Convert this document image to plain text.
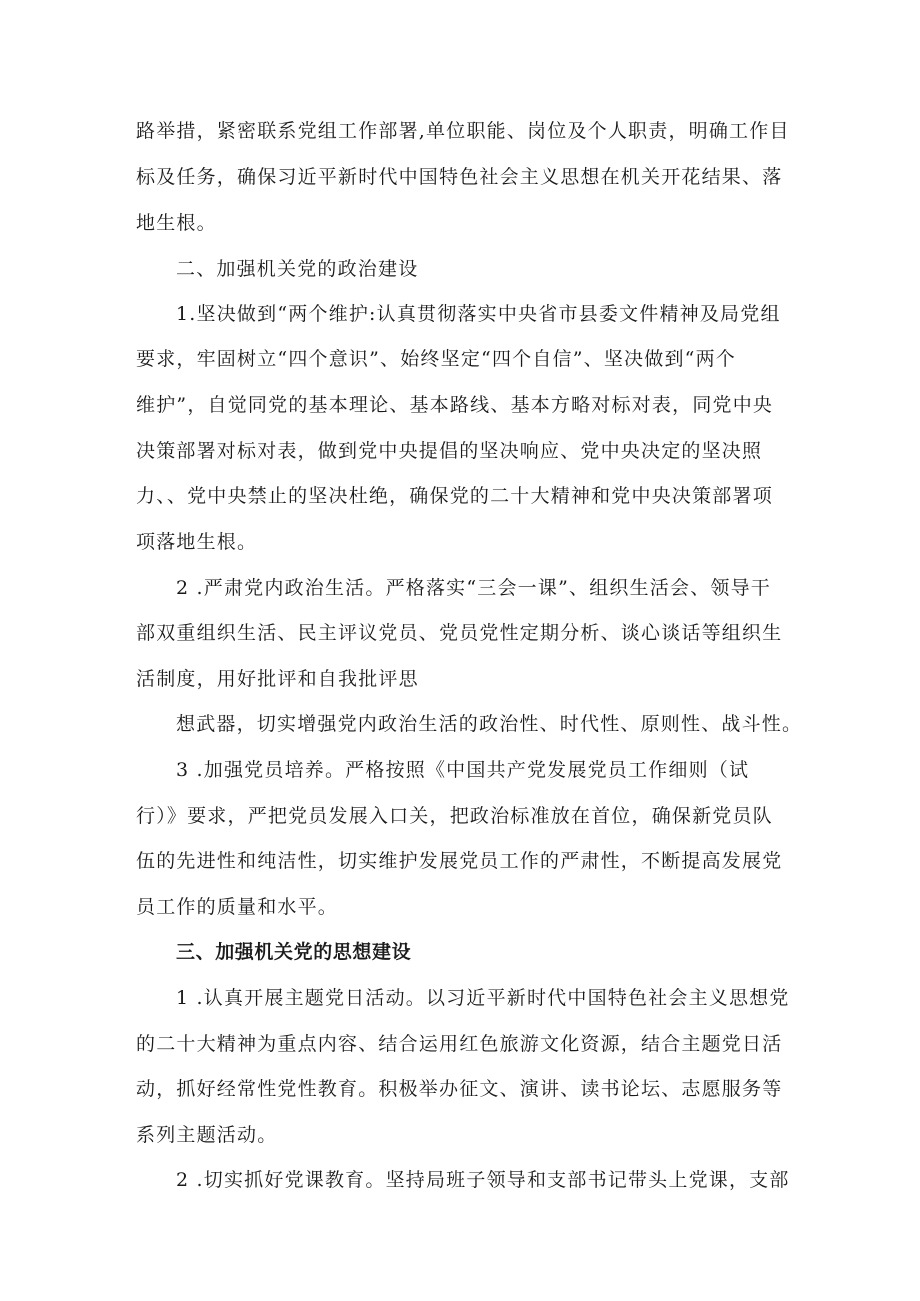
路举措，紧密联系党组工作部署,单位职能、岗位及个人职责，明确工作目
标及任务，确保习近平新时代中国特色社会主义思想在机关开花结果、落
地生根。
二、加强机关党的政治建设
1.坚决做到“两个维护:认真贯彻落实中央省市县委文件精神及局党组
要求，牢固树立“四个意识”、始终坚定“四个自信”、坚决做到“两个
维护”，自觉同党的基本理论、基本路线、基本方略对标对表，同党中央
决策部署对标对表，做到党中央提倡的坚决响应、党中央决定的坚决照
力、、党中央禁止的坚决杜绝，确保党的二十大精神和党中央决策部署项
项落地生根。
2 .严肃党内政治生活。严格落实“三会一课”、组织生活会、领导干
部双重组织生活、民主评议党员、党员党性定期分析、谈心谈话等组织生
活制度，用好批评和自我批评思
想武器，切实增强党内政治生活的政治性、时代性、原则性、战斗性。
3 .加强党员培养。严格按照《中国共产党发展党员工作细则（试
行）》要求，严把党员发展入口关，把政治标准放在首位，确保新党员队
伍的先进性和纯洁性，切实维护发展党员工作的严肃性，不断提高发展党
员工作的质量和水平。
三、加强机关党的思想建设
1 .认真开展主题党日活动。以习近平新时代中国特色社会主义思想党
的二十大精神为重点内容、结合运用红色旅游文化资源，结合主题党日活
动，抓好经常性党性教育。积极举办征文、演讲、读书论坛、志愿服务等
系列主题活动。
2 .切实抓好党课教育。坚持局班子领导和支部书记带头上党课，支部
